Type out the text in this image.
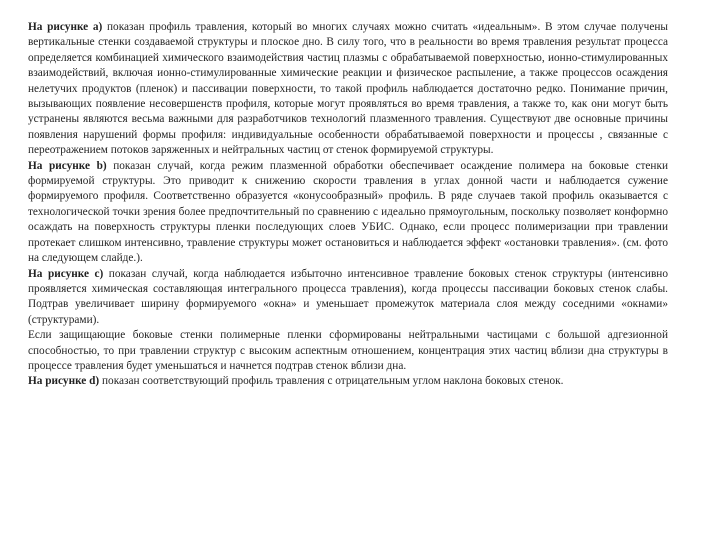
На рисунке а) показан профиль травления, который во многих случаях можно считать «идеальным». В этом случае получены вертикальные стенки создаваемой структуры и плоское дно. В силу того, что в реальности во время травления результат процесса определяется комбинацией химического взаимодействия частиц плазмы с обрабатываемой поверхностью, ионно-стимулированных взаимодействий, включая ионно-стимулированные химические реакции и физическое распыление, а также процессов осаждения нелетучих продуктов (пленок) и пассивации поверхности, то такой профиль наблюдается достаточно редко. Понимание причин, вызывающих появление несовершенств профиля, которые могут проявляться во время травления, а также то, как они могут быть устранены являются весьма важными для разработчиков технологий плазменного травления. Существуют две основные причины появления нарушений формы профиля: индивидуальные особенности обрабатываемой поверхности и процессы , связанные с переотражением потоков заряженных и нейтральных частиц от стенок формируемой структуры.

На рисунке b) показан случай, когда режим плазменной обработки обеспечивает осаждение полимера на боковые стенки формируемой структуры. Это приводит к снижению скорости травления в углах донной части и наблюдается сужение формируемого профиля. Соответственно образуется «конусообразный» профиль. В ряде случаев такой профиль оказывается с технологической точки зрения более предпочтительный по сравнению с идеально прямоугольным, поскольку позволяет конформно осаждать на поверхность структуры пленки последующих слоев УБИС. Однако, если процесс полимеризации при травлении протекает слишком интенсивно, травление структуры может остановиться и наблюдается эффект «остановки травления». (см. фото на следующем слайде.).

На рисунке с) показан случай, когда наблюдается избыточно интенсивное травление боковых стенок структуры (интенсивно проявляется химическая составляющая интегрального процесса травления), когда процессы пассивации боковых стенок слабы. Подтрав увеличивает ширину формируемого «окна» и уменьшает промежуток материала слоя между соседними «окнами» (структурами).

Если защищающие боковые стенки полимерные пленки сформированы нейтральными частицами с большой адгезионной способностью, то при травлении структур с высоким аспектным отношением, концентрация этих частиц вблизи дна структуры в процессе травления будет уменьшаться и начнется подтрав стенок вблизи дна.

На рисунке d) показан соответствующий профиль травления с отрицательным углом наклона боковых стенок.
